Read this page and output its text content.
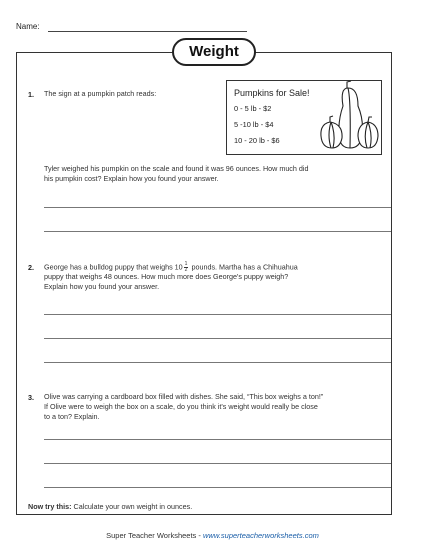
Name:
Weight
1. The sign at a pumpkin patch reads:	Pumpkins for Sale!
0 - 5 lb - $2
5 -10 lb - $4
10 - 20 lb - $6
Tyler weighed his pumpkin on the scale and found it was 96 ounces. How much did
his pumpkin cost? Explain how you found your answer.
2. George has a bulldog puppy that weighs $10 \frac{1}{2}$ pounds. Martha has a Chihuahua
puppy that weighs 48 ounces. How much more does George's puppy weigh?
Explain how you found your answer.
3. Olive was carrying a cardboard box filled with dishes. She said, “This box weighs a ton!”
If Olive were to weigh the box on a scale, do you think it's weight would really be close
to a ton? Explain.
Now try this: Calculate your own weight in ounces.
Super Teacher Worksheets - www.superteacherworksheets.com
